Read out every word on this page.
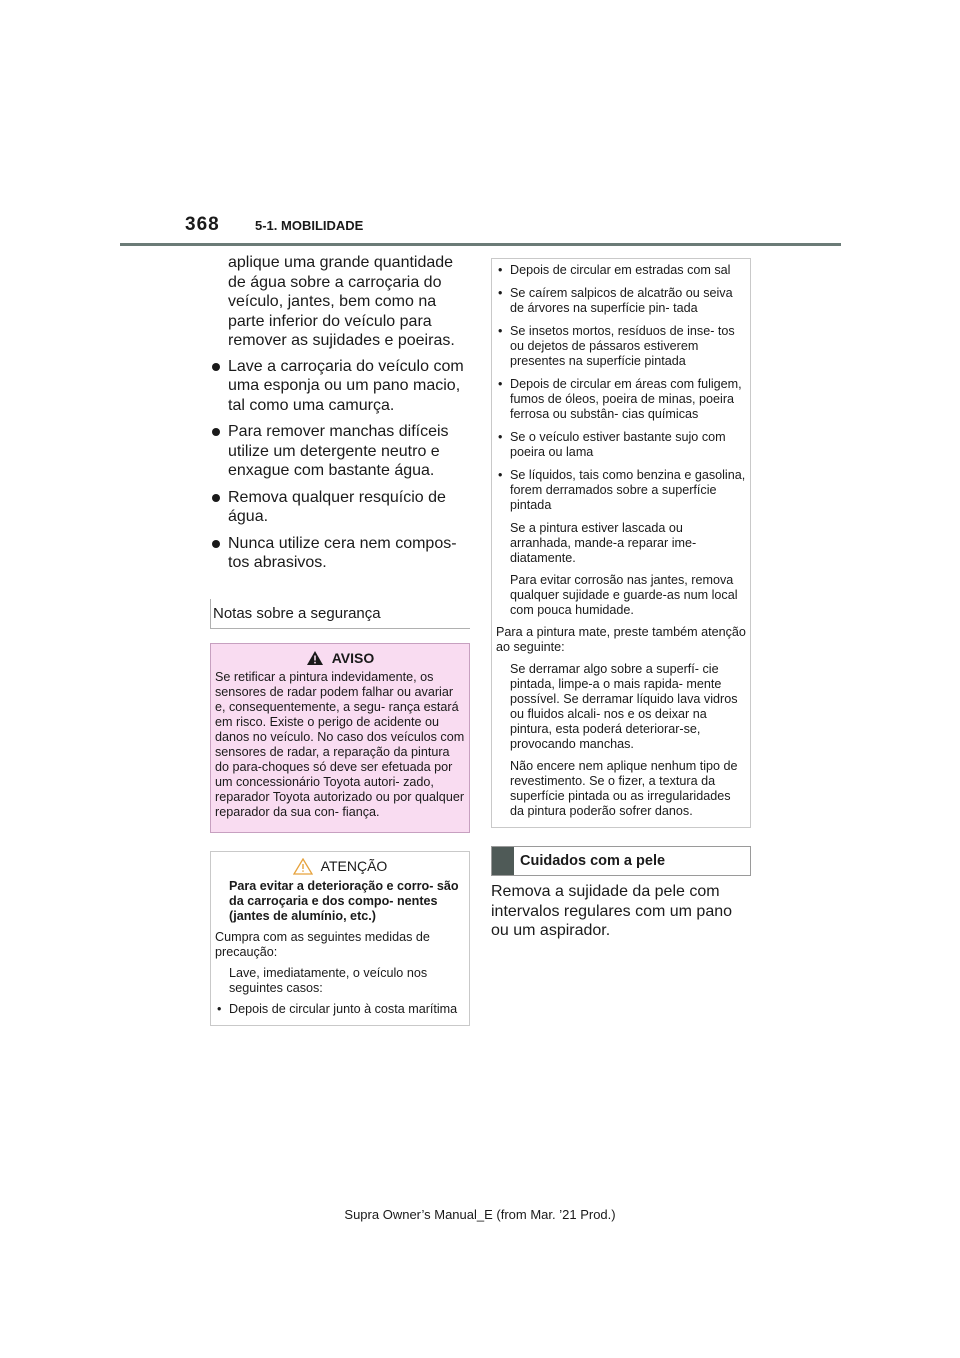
368	5-1. MOBILIDADE

aplique uma grande quantidade de água sobre a carroçaria do veículo, jantes, bem como na parte inferior do veículo para remover as sujidades e poeiras.

Lave a carroçaria do veículo com uma esponja ou um pano macio, tal como uma camurça.
Para remover manchas difíceis utilize um detergente neutro e enxague com bastante água.
Remova qualquer resquício de água.
Nunca utilize cera nem compos- tos abrasivos.
Notas sobre a segurança
AVISO

Se retificar a pintura indevidamente, os sensores de radar podem falhar ou avariar e, consequentemente, a segu- rança estará em risco. Existe o perigo de acidente ou danos no veículo. No caso dos veículos com sensores de radar, a reparação da pintura do para-choques só deve ser efetuada por um concessionário Toyota autori- zado, reparador Toyota autorizado ou por qualquer reparador da sua con- fiança.

ATENÇÃO

Para evitar a deterioração e corro- são da carroçaria e dos compo- nentes (jantes de alumínio, etc.)

Cumpra com as seguintes medidas de precaução:

Lave, imediatamente, o veículo nos seguintes casos:

• Depois de circular junto à costa marítima
• Depois de circular em estradas com sal
• Se caírem salpicos de alcatrão ou seiva de árvores na superfície pin- tada
• Se insetos mortos, resíduos de inse- tos ou dejetos de pássaros estiverem presentes na superfície pintada
• Depois de circular em áreas com fuligem, fumos de óleos, poeira de minas, poeira ferrosa ou substân- cias químicas
• Se o veículo estiver bastante sujo com poeira ou lama
• Se líquidos, tais como benzina e gasolina, forem derramados sobre a superfície pintada

Se a pintura estiver lascada ou arranhada, mande-a reparar ime- diatamente.

Para evitar corrosão nas jantes, remova qualquer sujidade e guarde-as num local com pouca humidade.

Para a pintura mate, preste também atenção ao seguinte:

Se derramar algo sobre a superfí- cie pintada, limpe-a o mais rapida- mente possível. Se derramar líquido lava vidros ou fluidos alcali- nos e os deixar na pintura, esta poderá deteriorar-se, provocando manchas.

Não encere nem aplique nenhum tipo de revestimento. Se o fizer, a textura da superfície pintada ou as irregularidades da pintura poderão sofrer danos.

Cuidados com a pele

Remova a sujidade da pele com intervalos regulares com um pano ou um aspirador.

Supra Owner’s Manual_E (from Mar. ’21 Prod.)
